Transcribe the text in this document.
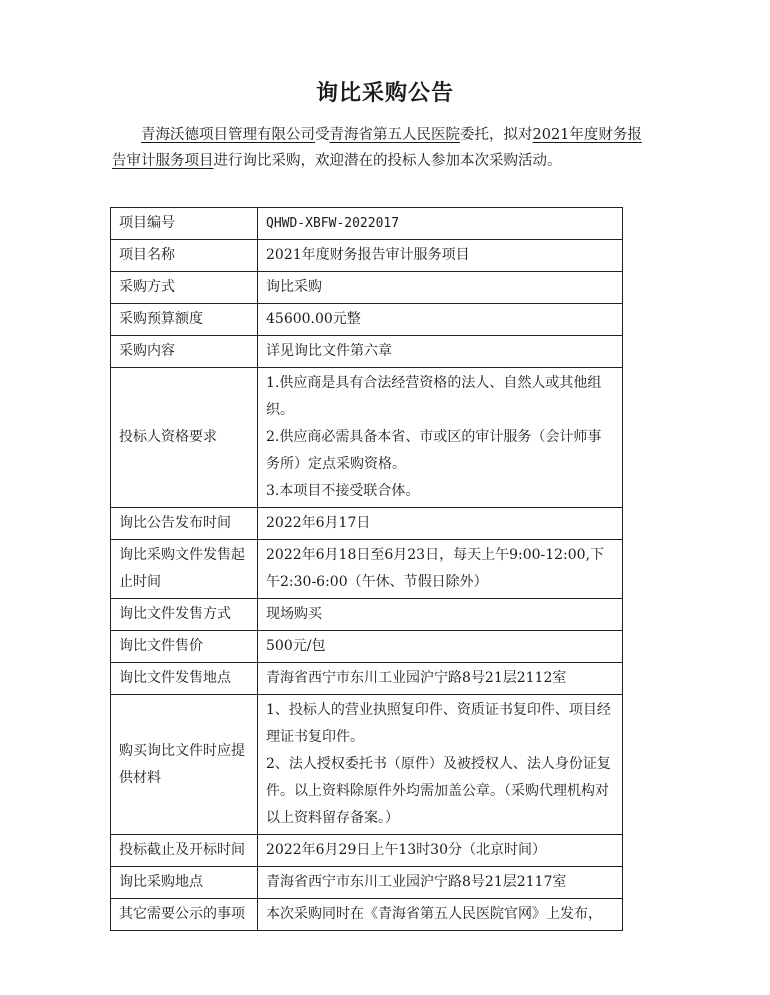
询比采购公告
青海沃德项目管理有限公司受青海省第五人民医院委托，拟对2021年度财务报告审计服务项目进行询比采购，欢迎潜在的投标人参加本次采购活动。
项目编号	QHWD-XBFW-2022017
项目名称	2021年度财务报告审计服务项目
采购方式	询比采购
采购预算额度	45600.00元整
采购内容	详见询比文件第六章
投标人资格要求	1.供应商是具有合法经营资格的法人、自然人或其他组织。
2.供应商必需具备本省、市或区的审计服务（会计师事务所）定点采购资格。
3.本项目不接受联合体。

询比公告发布时间	2022年6月17日
询比采购文件发售起止时间	2022年6月18日至6月23日，每天上午9:00-12:00,下午2:30-6:00（午休、节假日除外）
询比文件发售方式	现场购买
询比文件售价	500元/包
询比文件发售地点	青海省西宁市东川工业园沪宁路8号21层2112室
购买询比文件时应提供材料	1、投标人的营业执照复印件、资质证书复印件、项目经理证书复印件。
2、法人授权委托书（原件）及被授权人、法人身份证复件。以上资料除原件外均需加盖公章。（采购代理机构对以上资料留存备案。）

投标截止及开标时间	2022年6月29日上午13时30分（北京时间）
询比采购地点	青海省西宁市东川工业园沪宁路8号21层2117室
其它需要公示的事项	本次采购同时在《青海省第五人民医院官网》上发布，
